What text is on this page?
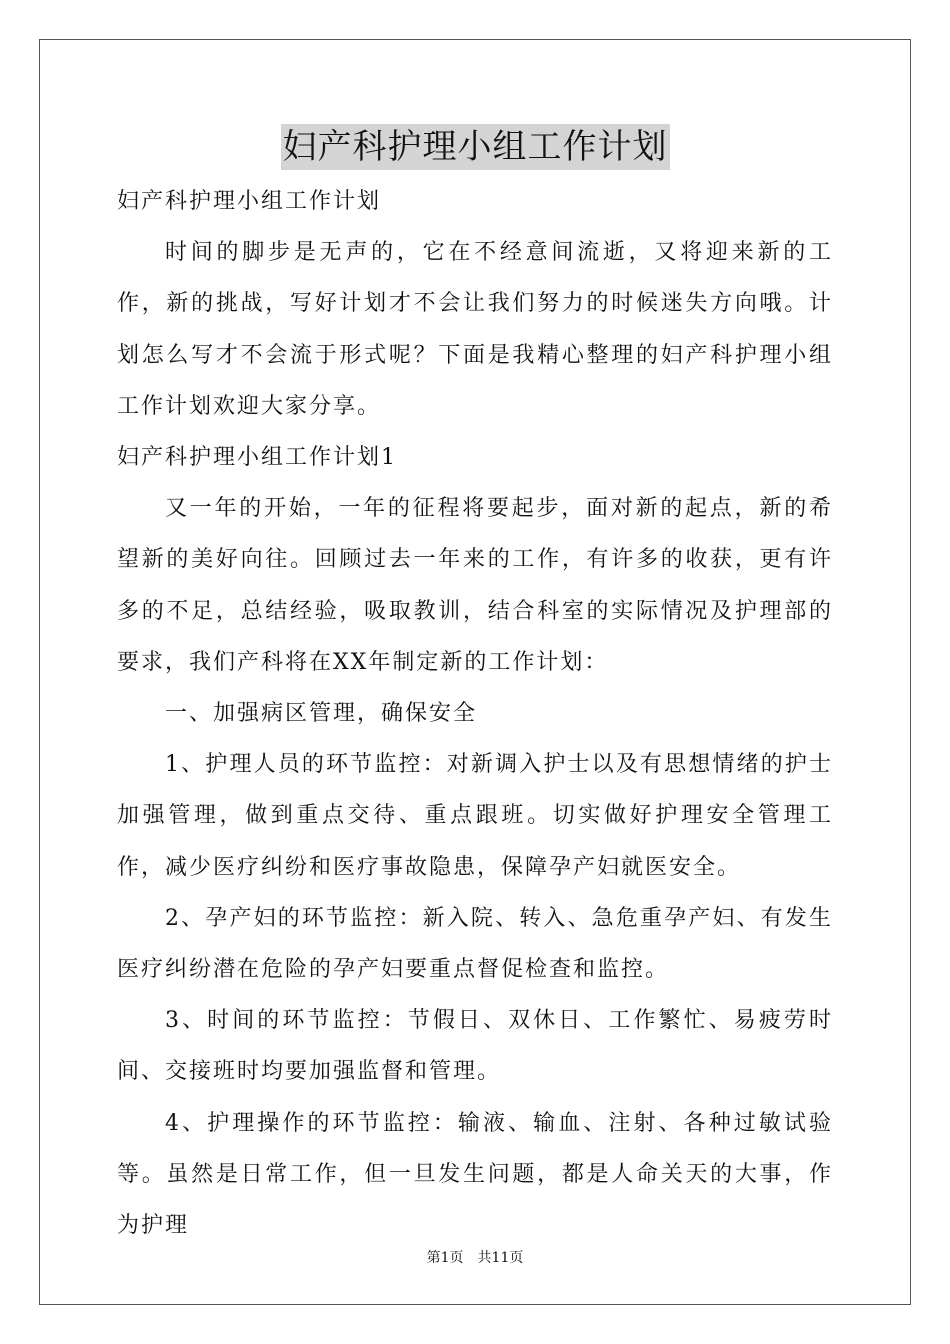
妇产科护理小组工作计划

妇产科护理小组工作计划

时间的脚步是无声的，它在不经意间流逝，又将迎来新的工作，新的挑战，写好计划才不会让我们努力的时候迷失方向哦。计划怎么写才不会流于形式呢？下面是我精心整理的妇产科护理小组工作计划欢迎大家分享。

妇产科护理小组工作计划1

又一年的开始，一年的征程将要起步，面对新的起点，新的希望新的美好向往。回顾过去一年来的工作，有许多的收获，更有许多的不足，总结经验，吸取教训，结合科室的实际情况及护理部的要求，我们产科将在XX年制定新的工作计划：

一、加强病区管理，确保安全

1、护理人员的环节监控：对新调入护士以及有思想情绪的护士加强管理，做到重点交待、重点跟班。切实做好护理安全管理工作，减少医疗纠纷和医疗事故隐患，保障孕产妇就医安全。

2、孕产妇的环节监控：新入院、转入、急危重孕产妇、有发生医疗纠纷潜在危险的孕产妇要重点督促检查和监控。

3、时间的环节监控：节假日、双休日、工作繁忙、易疲劳时间、交接班时均要加强监督和管理。

4、护理操作的环节监控：输液、输血、注射、各种过敏试验等。虽然是日常工作，但一旦发生问题，都是人命关天的大事，作为护理

第1页 共11页
